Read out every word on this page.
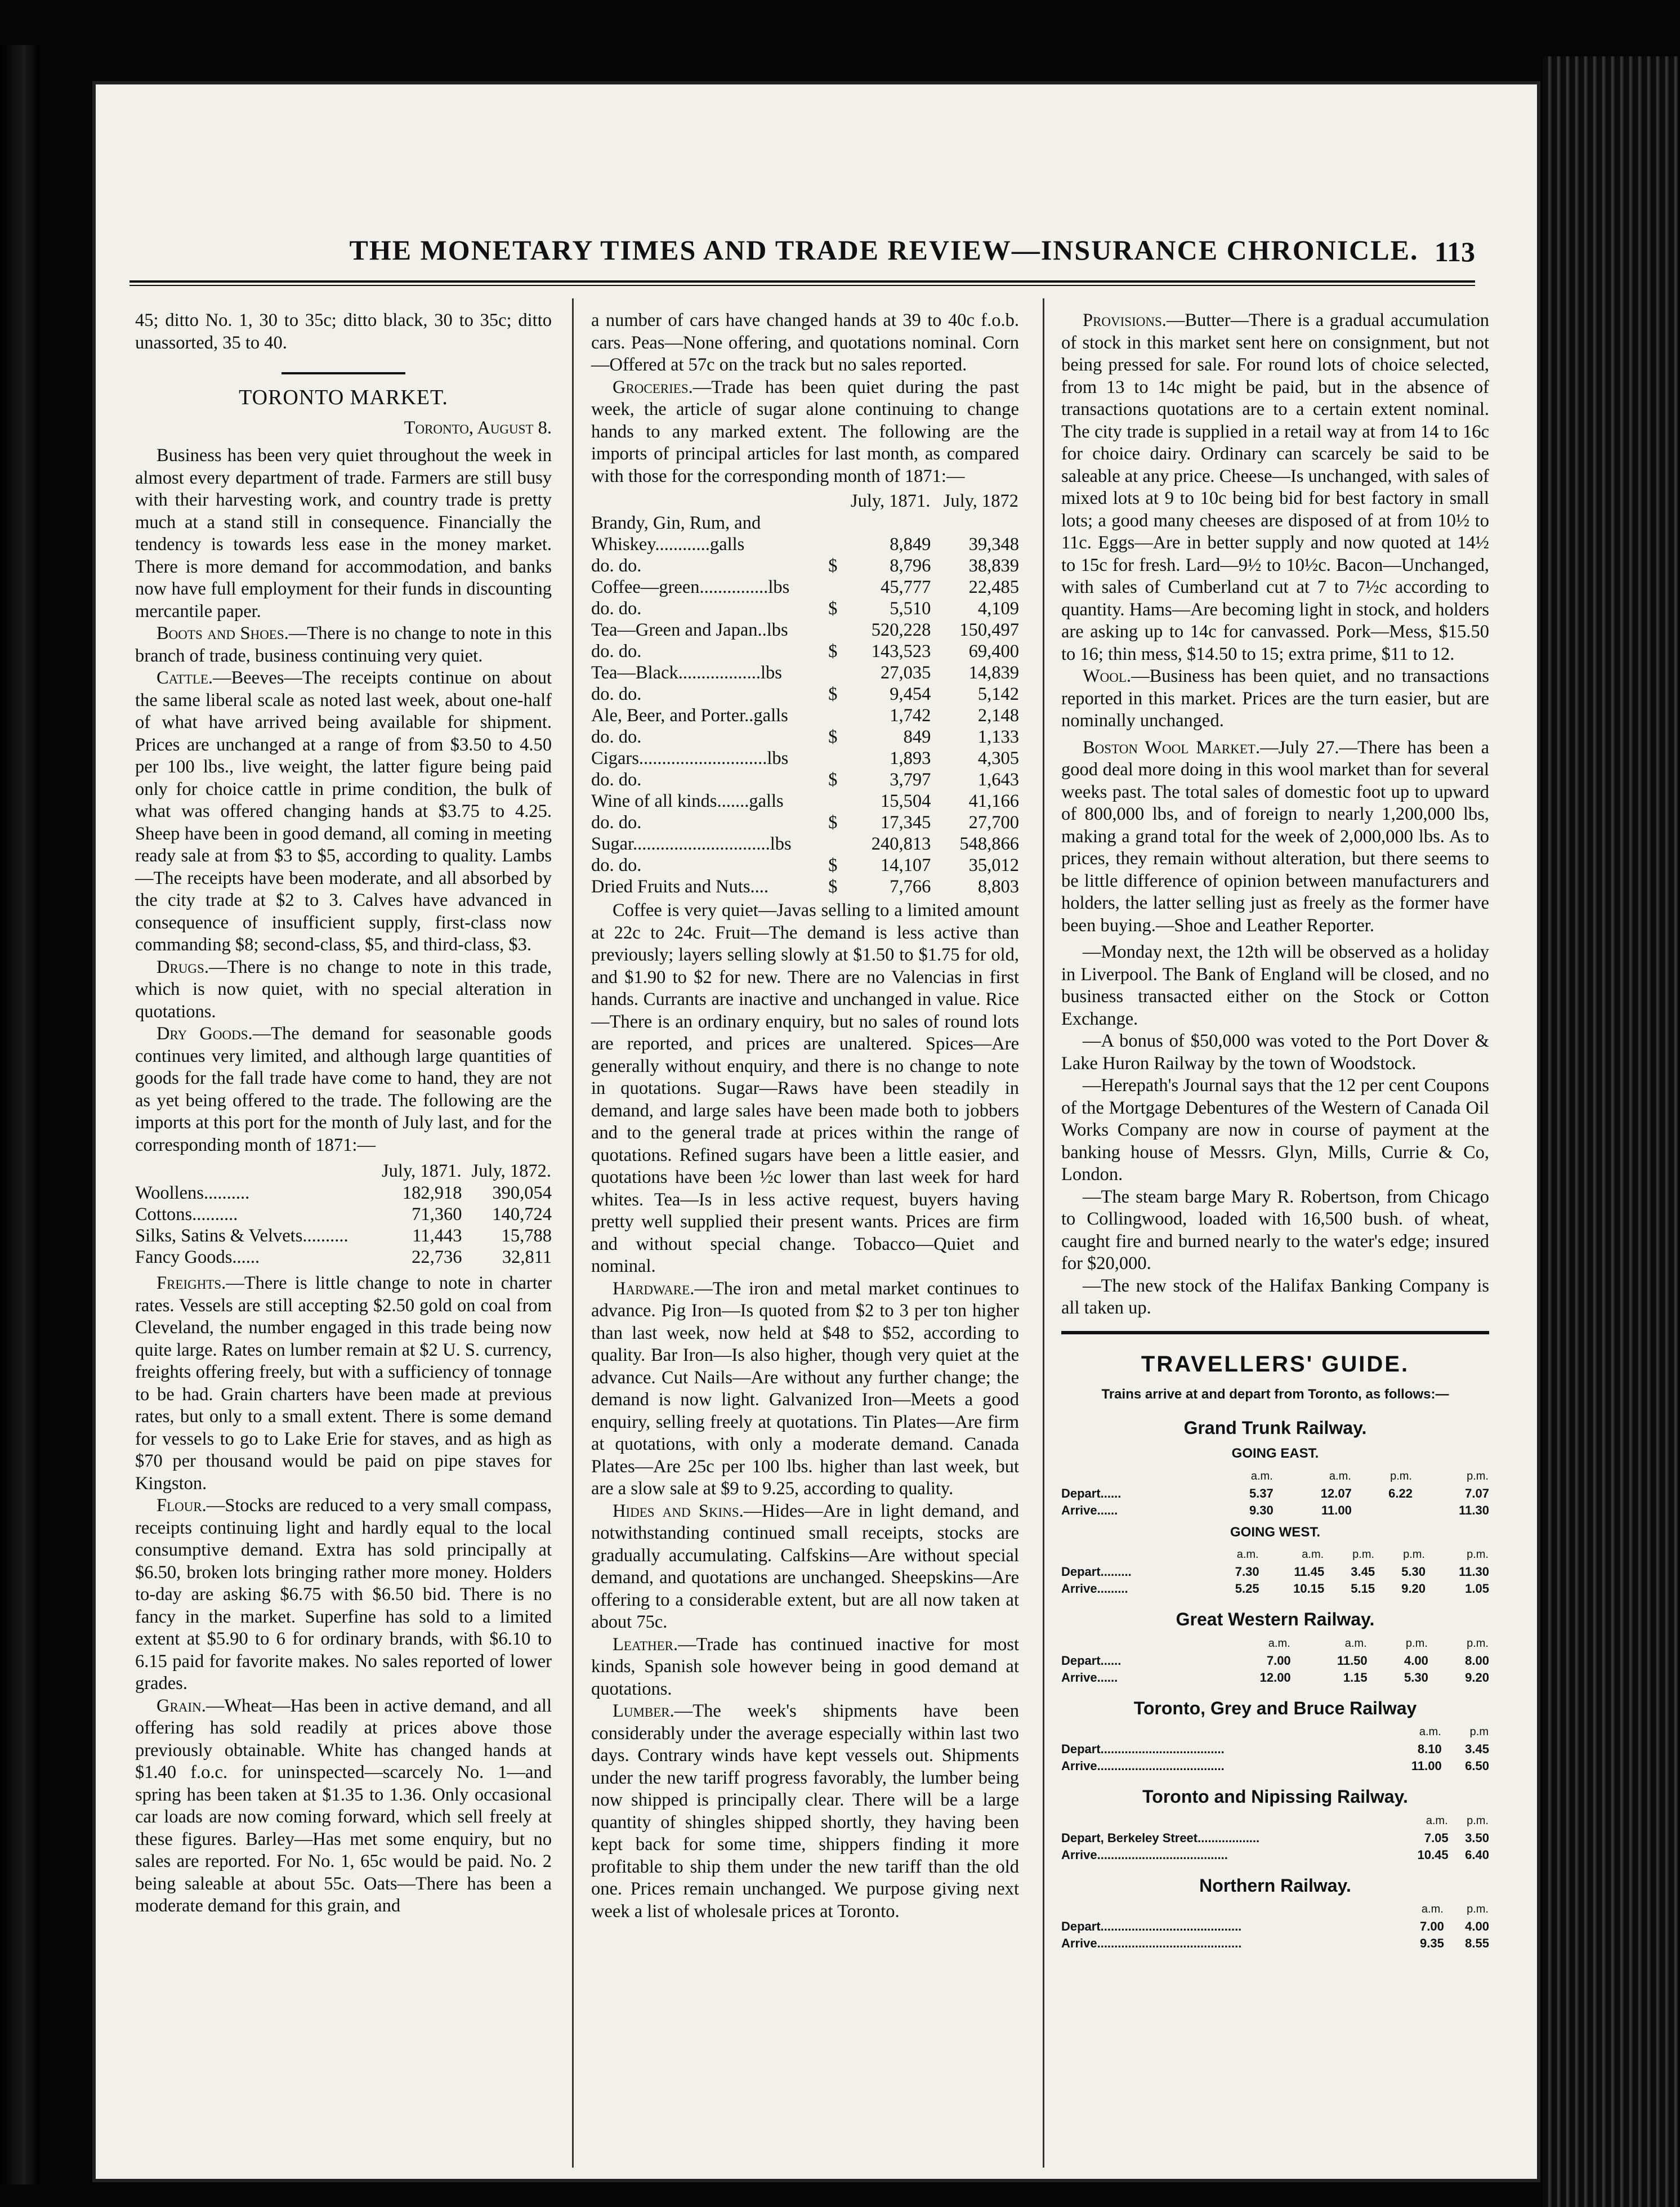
THE MONETARY TIMES AND TRADE REVIEW—INSURANCE CHRONICLE. 113

45; ditto No. 1, 30 to 35c; ditto black, 30 to 35c; ditto unassorted, 35 to 40.

TORONTO MARKET.

Toronto, August 8.

Business has been very quiet throughout the week in almost every department of trade. Farmers are still busy with their harvesting work, and country trade is pretty much at a stand still in consequence. Financially the tendency is towards less ease in the money market. There is more demand for accommodation, and banks now have full employment for their funds in discounting mercantile paper.

Boots and Shoes.—There is no change to note in this branch of trade, business continuing very quiet.

Cattle.—Beeves—The receipts continue on about the same liberal scale as noted last week, about one-half of what have arrived being available for shipment. Prices are unchanged at a range of from $3.50 to 4.50 per 100 lbs., live weight, the latter figure being paid only for choice cattle in prime condition, the bulk of what was offered changing hands at $3.75 to 4.25. Sheep have been in good demand, all coming in meeting ready sale at from $3 to $5, according to quality. Lambs—The receipts have been moderate, and all absorbed by the city trade at $2 to 3. Calves have advanced in consequence of insufficient supply, first-class now commanding $8; second-class, $5, and third-class, $3.

Drugs.—There is no change to note in this trade, which is now quiet, with no special alteration in quotations.

Dry Goods.—The demand for seasonable goods continues very limited, and although large quantities of goods for the fall trade have come to hand, they are not as yet being offered to the trade. The following are the imports at this port for the month of July last, and for the corresponding month of 1871:—

	July, 1871.	July, 1872.
Woollens..........	182,918	390,054
Cottons..........	71,360	140,724
Silks, Satins & Velvets..........	11,443	15,788
Fancy Goods......	22,736	32,811

Freights.—There is little change to note in charter rates. Vessels are still accepting $2.50 gold on coal from Cleveland, the number engaged in this trade being now quite large. Rates on lumber remain at $2 U. S. currency, freights offering freely, but with a sufficiency of tonnage to be had. Grain charters have been made at previous rates, but only to a small extent. There is some demand for vessels to go to Lake Erie for staves, and as high as $70 per thousand would be paid on pipe staves for Kingston.

Flour.—Stocks are reduced to a very small compass, receipts continuing light and hardly equal to the local consumptive demand. Extra has sold principally at $6.50, broken lots bringing rather more money. Holders to-day are asking $6.75 with $6.50 bid. There is no fancy in the market. Superfine has sold to a limited extent at $5.90 to 6 for ordinary brands, with $6.10 to 6.15 paid for favorite makes. No sales reported of lower grades.

Grain.—Wheat—Has been in active demand, and all offering has sold readily at prices above those previously obtainable. White has changed hands at $1.40 f.o.c. for uninspected—scarcely No. 1—and spring has been taken at $1.35 to 1.36. Only occasional car loads are now coming forward, which sell freely at these figures. Barley—Has met some enquiry, but no sales are reported. For No. 1, 65c would be paid. No. 2 being saleable at about 55c. Oats—There has been a moderate demand for this grain, and

a number of cars have changed hands at 39 to 40c f.o.b. cars. Peas—None offering, and quotations nominal. Corn—Offered at 57c on the track but no sales reported.

Groceries.—Trade has been quiet during the past week, the article of sugar alone continuing to change hands to any marked extent. The following are the imports of principal articles for last month, as compared with those for the corresponding month of 1871:—

		July, 1871.	July, 1872
Brandy, Gin, Rum, and			
Whiskey............galls		8,849	39,348
do. do.	$	8,796	38,839
Coffee—green...............lbs		45,777	22,485
do. do.	$	5,510	4,109
Tea—Green and Japan..lbs		520,228	150,497
do. do.	$	143,523	69,400
Tea—Black..................lbs		27,035	14,839
do. do.	$	9,454	5,142
Ale, Beer, and Porter..galls		1,742	2,148
do. do.	$	849	1,133
Cigars............................lbs		1,893	4,305
do. do.	$	3,797	1,643
Wine of all kinds.......galls		15,504	41,166
do. do.	$	17,345	27,700
Sugar..............................lbs		240,813	548,866
do. do.	$	14,107	35,012
Dried Fruits and Nuts....	$	7,766	8,803

Coffee is very quiet—Javas selling to a limited amount at 22c to 24c. Fruit—The demand is less active than previously; layers selling slowly at $1.50 to $1.75 for old, and $1.90 to $2 for new. There are no Valencias in first hands. Currants are inactive and unchanged in value. Rice—There is an ordinary enquiry, but no sales of round lots are reported, and prices are unaltered. Spices—Are generally without enquiry, and there is no change to note in quotations. Sugar—Raws have been steadily in demand, and large sales have been made both to jobbers and to the general trade at prices within the range of quotations. Refined sugars have been a little easier, and quotations have been ½c lower than last week for hard whites. Tea—Is in less active request, buyers having pretty well supplied their present wants. Prices are firm and without special change. Tobacco—Quiet and nominal.

Hardware.—The iron and metal market continues to advance. Pig Iron—Is quoted from $2 to 3 per ton higher than last week, now held at $48 to $52, according to quality. Bar Iron—Is also higher, though very quiet at the advance. Cut Nails—Are without any further change; the demand is now light. Galvanized Iron—Meets a good enquiry, selling freely at quotations. Tin Plates—Are firm at quotations, with only a moderate demand. Canada Plates—Are 25c per 100 lbs. higher than last week, but are a slow sale at $9 to 9.25, according to quality.

Hides and Skins.—Hides—Are in light demand, and notwithstanding continued small receipts, stocks are gradually accumulating. Calfskins—Are without special demand, and quotations are unchanged. Sheepskins—Are offering to a considerable extent, but are all now taken at about 75c.

Leather.—Trade has continued inactive for most kinds, Spanish sole however being in good demand at quotations.

Lumber.—The week's shipments have been considerably under the average especially within last two days. Contrary winds have kept vessels out. Shipments under the new tariff progress favorably, the lumber being now shipped is principally clear. There will be a large quantity of shingles shipped shortly, they having been kept back for some time, shippers finding it more profitable to ship them under the new tariff than the old one. Prices remain unchanged. We purpose giving next week a list of wholesale prices at Toronto.

Provisions.—Butter—There is a gradual accumulation of stock in this market sent here on consignment, but not being pressed for sale. For round lots of choice selected, from 13 to 14c might be paid, but in the absence of transactions quotations are to a certain extent nominal. The city trade is supplied in a retail way at from 14 to 16c for choice dairy. Ordinary can scarcely be said to be saleable at any price. Cheese—Is unchanged, with sales of mixed lots at 9 to 10c being bid for best factory in small lots; a good many cheeses are disposed of at from 10½ to 11c. Eggs—Are in better supply and now quoted at 14½ to 15c for fresh. Lard—9½ to 10½c. Bacon—Unchanged, with sales of Cumberland cut at 7 to 7½c according to quantity. Hams—Are becoming light in stock, and holders are asking up to 14c for canvassed. Pork—Mess, $15.50 to 16; thin mess, $14.50 to 15; extra prime, $11 to 12.

Wool.—Business has been quiet, and no transactions reported in this market. Prices are the turn easier, but are nominally unchanged.

Boston Wool Market.—July 27.—There has been a good deal more doing in this wool market than for several weeks past. The total sales of domestic foot up to upward of 800,000 lbs, and of foreign to nearly 1,200,000 lbs, making a grand total for the week of 2,000,000 lbs. As to prices, they remain without alteration, but there seems to be little difference of opinion between manufacturers and holders, the latter selling just as freely as the former have been buying.—Shoe and Leather Reporter.

—Monday next, the 12th will be observed as a holiday in Liverpool. The Bank of England will be closed, and no business transacted either on the Stock or Cotton Exchange.

—A bonus of $50,000 was voted to the Port Dover & Lake Huron Railway by the town of Woodstock.

—Herepath's Journal says that the 12 per cent Coupons of the Mortgage Debentures of the Western of Canada Oil Works Company are now in course of payment at the banking house of Messrs. Glyn, Mills, Currie & Co, London.

—The steam barge Mary R. Robertson, from Chicago to Collingwood, loaded with 16,500 bush. of wheat, caught fire and burned nearly to the water's edge; insured for $20,000.

—The new stock of the Halifax Banking Company is all taken up.

TRAVELLERS' GUIDE.
Trains arrive at and depart from Toronto, as follows:—
Grand Trunk Railway.
GOING EAST.
	a.m.	a.m.	p.m.	p.m.
Depart......	5.37	12.07	6.22	7.07
Arrive......	9.30	11.00		11.30
GOING WEST.
	a.m.	a.m.	p.m.	p.m.	p.m.
Depart.........	7.30	11.45	3.45	5.30	11.30
Arrive.........	5.25	10.15	5.15	9.20	1.05
Great Western Railway.
	a.m.	a.m.	p.m.	p.m.
Depart......	7.00	11.50	4.00	8.00
Arrive......	12.00	1.15	5.30	9.20
Toronto, Grey and Bruce Railway
	a.m.	p.m
Depart....................................	8.10	3.45
Arrive.....................................	11.00	6.50
Toronto and Nipissing Railway.
	a.m.	p.m.
Depart, Berkeley Street..................	7.05	3.50
Arrive......................................	10.45	6.40
Northern Railway.
	a.m.	p.m.
Depart.........................................	7.00	4.00
Arrive..........................................	9.35	8.55
